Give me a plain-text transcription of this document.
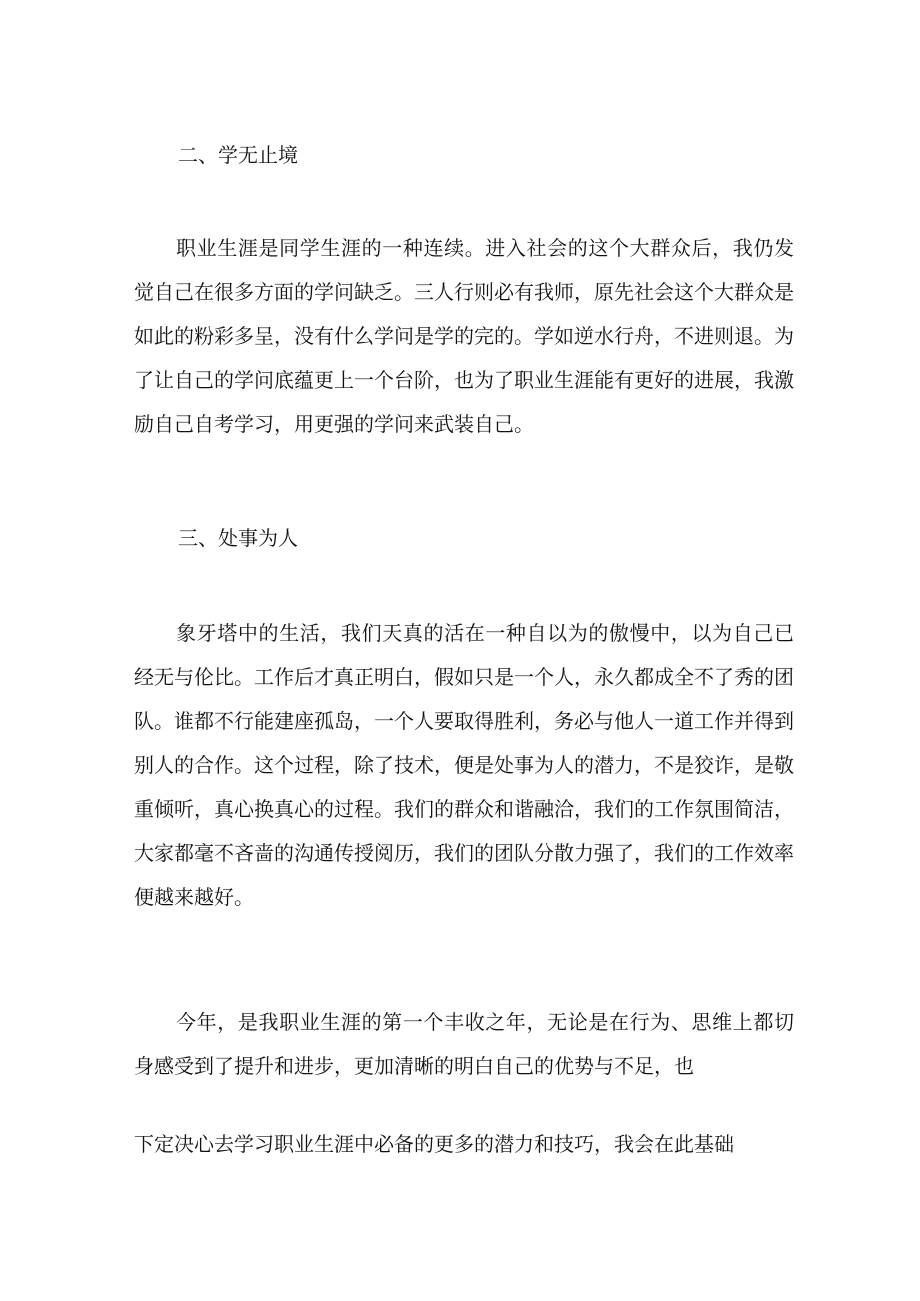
二、学无止境
职业生涯是同学生涯的一种连续。进入社会的这个大群众后，我仍发
觉自己在很多方面的学问缺乏。三人行则必有我师，原先社会这个大群众是
如此的粉彩多呈，没有什么学问是学的完的。学如逆水行舟，不进则退。为
了让自己的学问底蕴更上一个台阶，也为了职业生涯能有更好的进展，我激
励自己自考学习，用更强的学问来武装自己。
三、处事为人
象牙塔中的生活，我们天真的活在一种自以为的傲慢中，以为自己已
经无与伦比。工作后才真正明白，假如只是一个人，永久都成全不了秀的团
队。谁都不行能建座孤岛，一个人要取得胜利，务必与他人一道工作并得到
别人的合作。这个过程，除了技术，便是处事为人的潜力，不是狡诈，是敬
重倾听，真心换真心的过程。我们的群众和谐融洽，我们的工作氛围简洁，
大家都毫不吝啬的沟通传授阅历，我们的团队分散力强了，我们的工作效率
便越来越好。
今年，是我职业生涯的第一个丰收之年，无论是在行为、思维上都切
身感受到了提升和进步，更加清晰的明白自己的优势与不足，也
下定决心去学习职业生涯中必备的更多的潜力和技巧，我会在此基础
